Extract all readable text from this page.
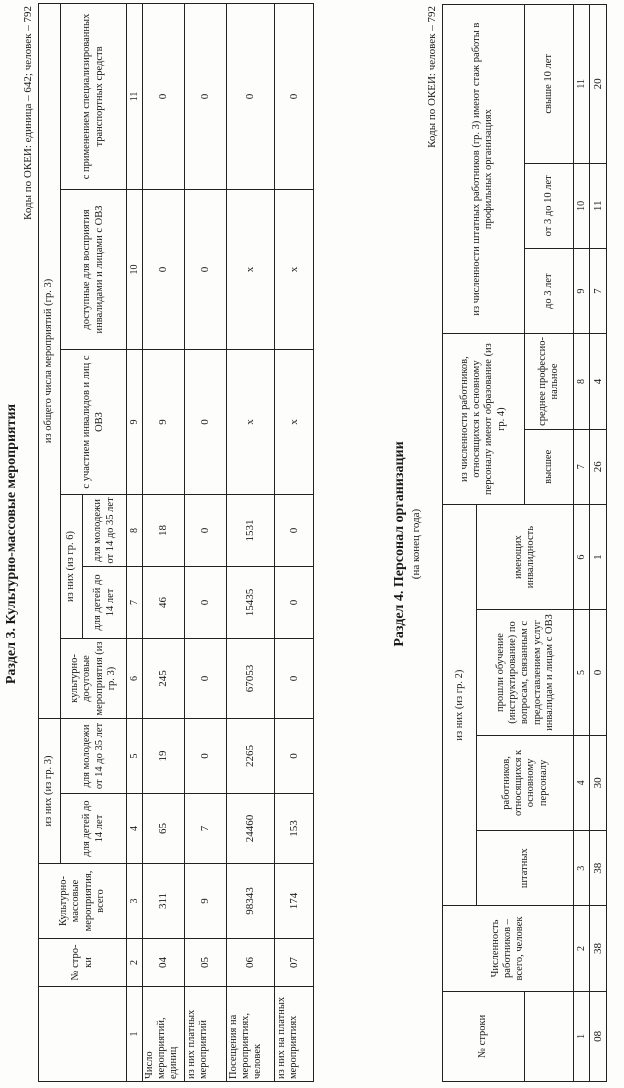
Раздел 3. Культурно-массовые мероприятия
Коды по ОКЕИ: единица – 642; человек – 792
	№ стро-ки	Культурно-массовые мероприятия, всего	из них (из гр. 3)		из общего числа мероприятий (гр. 3)					
			для детей до 14 лет	для молодежи от 14 до 35 лет	культурно-досуговые мероприятия (из гр. 3)	из них (из гр. 6)		с участием инвалидов и лиц с ОВЗ	доступные для восприятия инвалидами и лицами с ОВЗ	с применением специализированных транспортных средств
						для детей до 14 лет	для молодежи от 14 до 35 лет			
1	2	3	4	5	6	7	8	9	10	11
Число мероприятий, единиц	04	311	65	19	245	46	18	9	0	0
из них платных мероприятий	05	9	7	0	0	0	0	0	0	0
Посещения на мероприятиях, человек	06	98343	24460	2265	67053	15435	1531	x	x	0
из них на платных мероприятиях	07	174	153	0	0	0	0	x	x	0
Раздел 4. Персонал организации (на конец года)
Коды по ОКЕИ: человек – 792
№ строки	Численность работников – всего, человек	из них (из гр. 2)				из численности работников, относящихся к основному персоналу имеют образование (из гр. 4)		из численности штатных работников (гр. 3) имеют стаж работы в профильных организациях		
		штатных	работников, относящихся к основному персоналу	прошли обучение (инструктирование) по вопросам, связанным с предоставлением услуг инвалидам и лицам с ОВЗ	имеющих инвалидность					
						высшее	среднее профессио-нальное	до 3 лет	от 3 до 10 лет	свыше 10 лет
1	2	3	4	5	6	7	8	9	10	11
08	38	38	30	0	1	26	4	7	11	20
